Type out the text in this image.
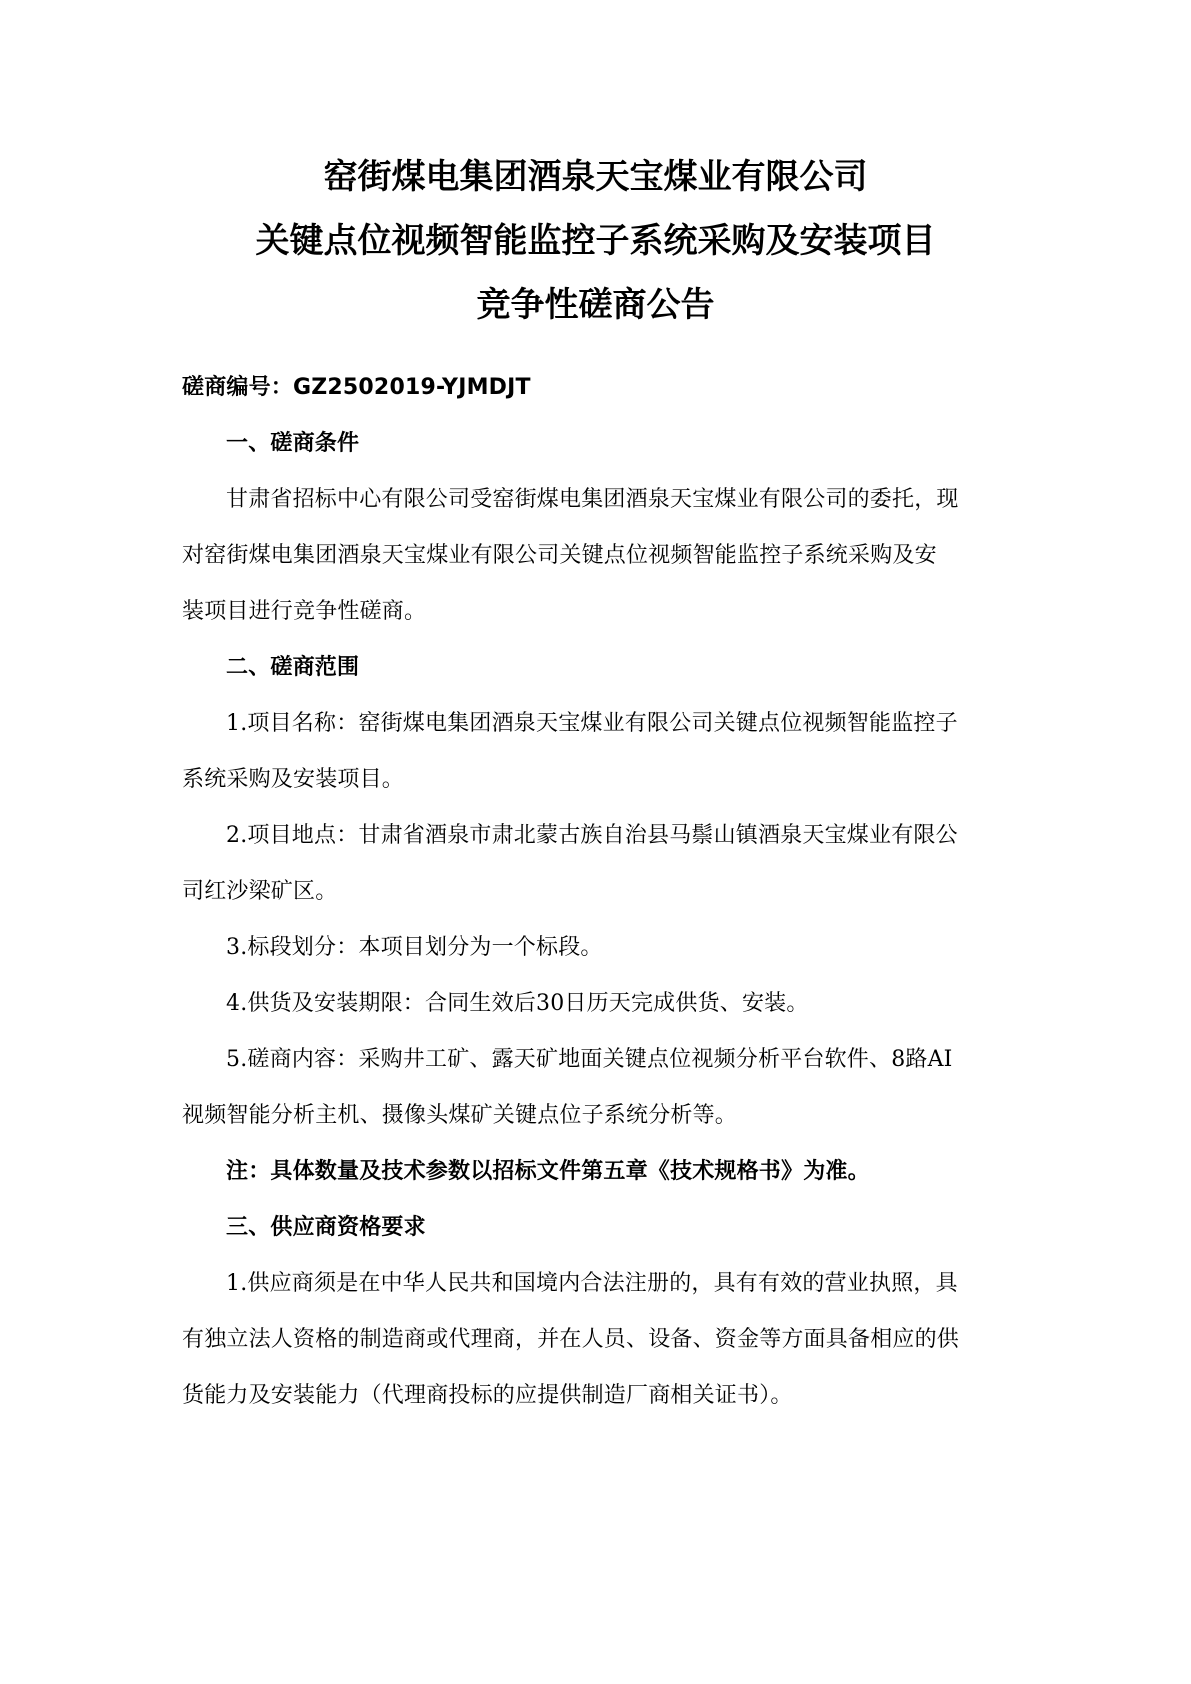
窑街煤电集团酒泉天宝煤业有限公司
关键点位视频智能监控子系统采购及安装项目
竞争性磋商公告
磋商编号：GZ2502019-YJMDJT
一、磋商条件
甘肃省招标中心有限公司受窑街煤电集团酒泉天宝煤业有限公司的委托，现
对窑街煤电集团酒泉天宝煤业有限公司关键点位视频智能监控子系统采购及安
装项目进行竞争性磋商。
二、磋商范围
1.项目名称：窑街煤电集团酒泉天宝煤业有限公司关键点位视频智能监控子
系统采购及安装项目。
2.项目地点：甘肃省酒泉市肃北蒙古族自治县马鬃山镇酒泉天宝煤业有限公
司红沙梁矿区。
3.标段划分：本项目划分为一个标段。
4.供货及安装期限：合同生效后30日历天完成供货、安装。
5.磋商内容：采购井工矿、露天矿地面关键点位视频分析平台软件、8路AI
视频智能分析主机、摄像头煤矿关键点位子系统分析等。
注：具体数量及技术参数以招标文件第五章《技术规格书》为准。
三、供应商资格要求
1.供应商须是在中华人民共和国境内合法注册的，具有有效的营业执照，具
有独立法人资格的制造商或代理商，并在人员、设备、资金等方面具备相应的供
货能力及安装能力（代理商投标的应提供制造厂商相关证书）。
